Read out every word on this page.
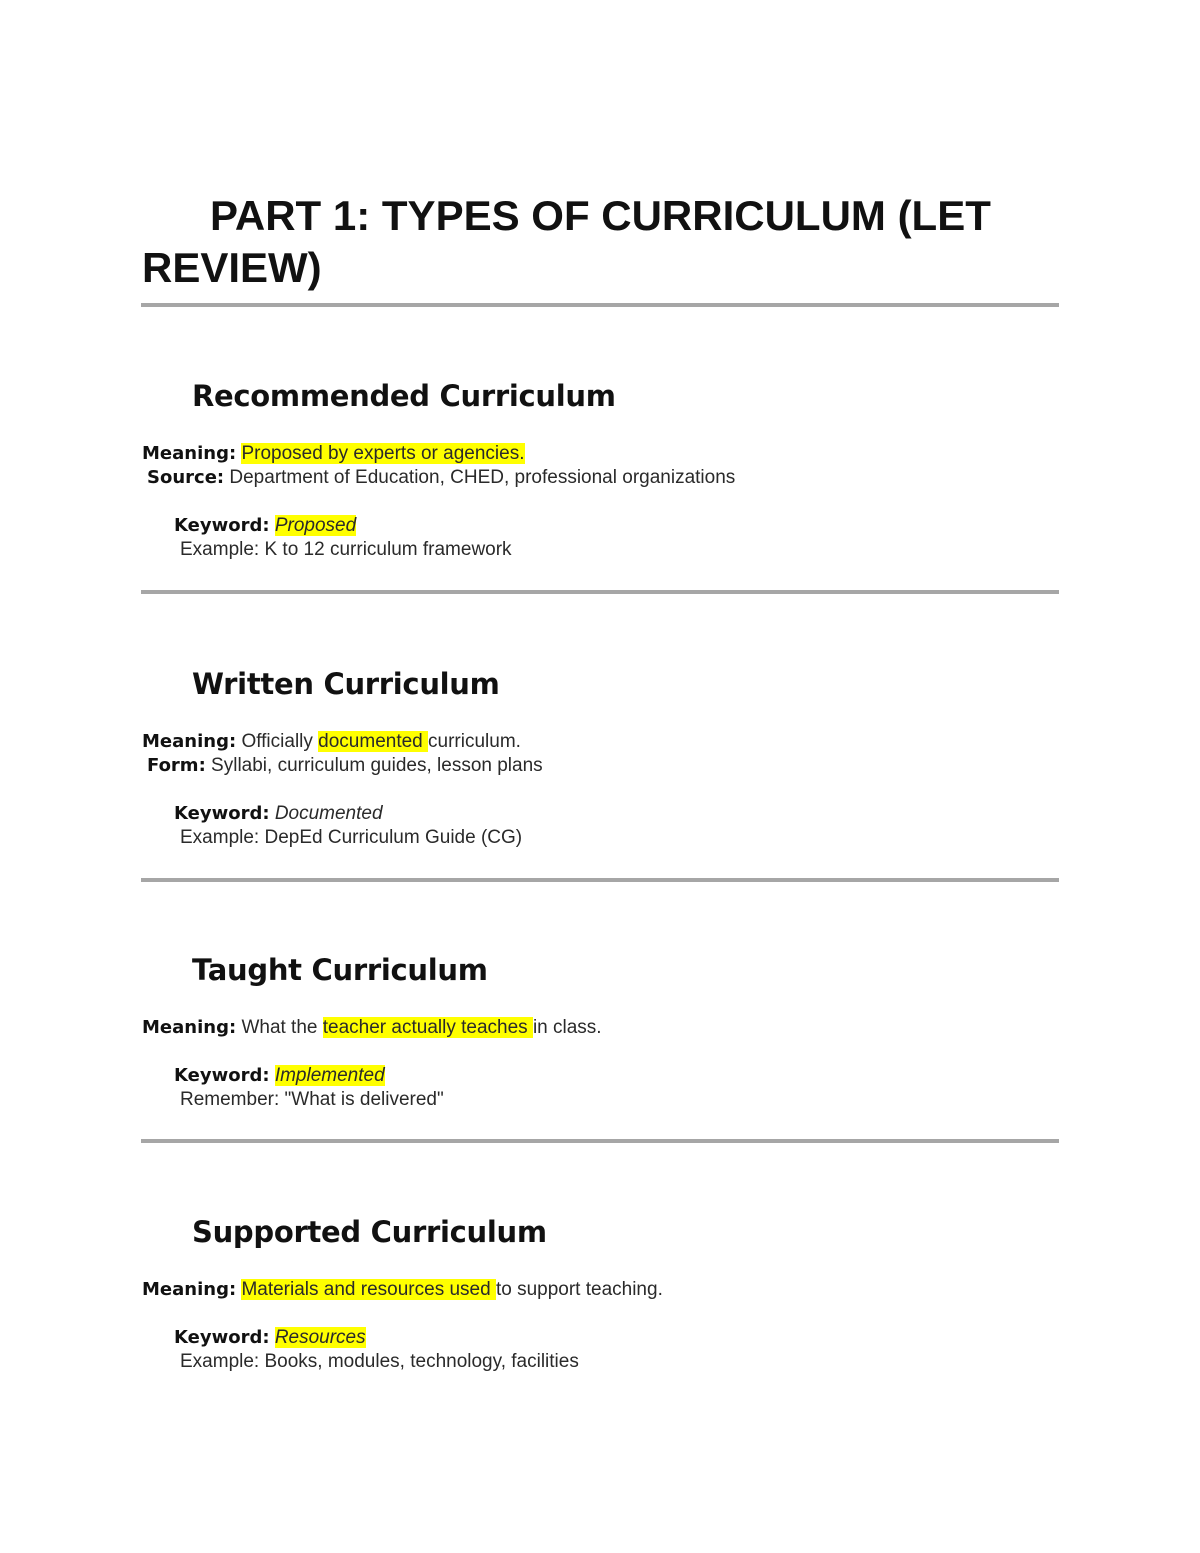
PART 1: TYPES OF CURRICULUM (LET REVIEW)
Recommended Curriculum
Meaning: Proposed by experts or agencies.
Source: Department of Education, CHED, professional organizations
Keyword: Proposed
Example: K to 12 curriculum framework
Written Curriculum
Meaning: Officially documented curriculum.
Form: Syllabi, curriculum guides, lesson plans
Keyword: Documented
Example: DepEd Curriculum Guide (CG)
Taught Curriculum
Meaning: What the teacher actually teaches in class.
Keyword: Implemented
Remember: "What is delivered"
Supported Curriculum
Meaning: Materials and resources used to support teaching.
Keyword: Resources
Example: Books, modules, technology, facilities
